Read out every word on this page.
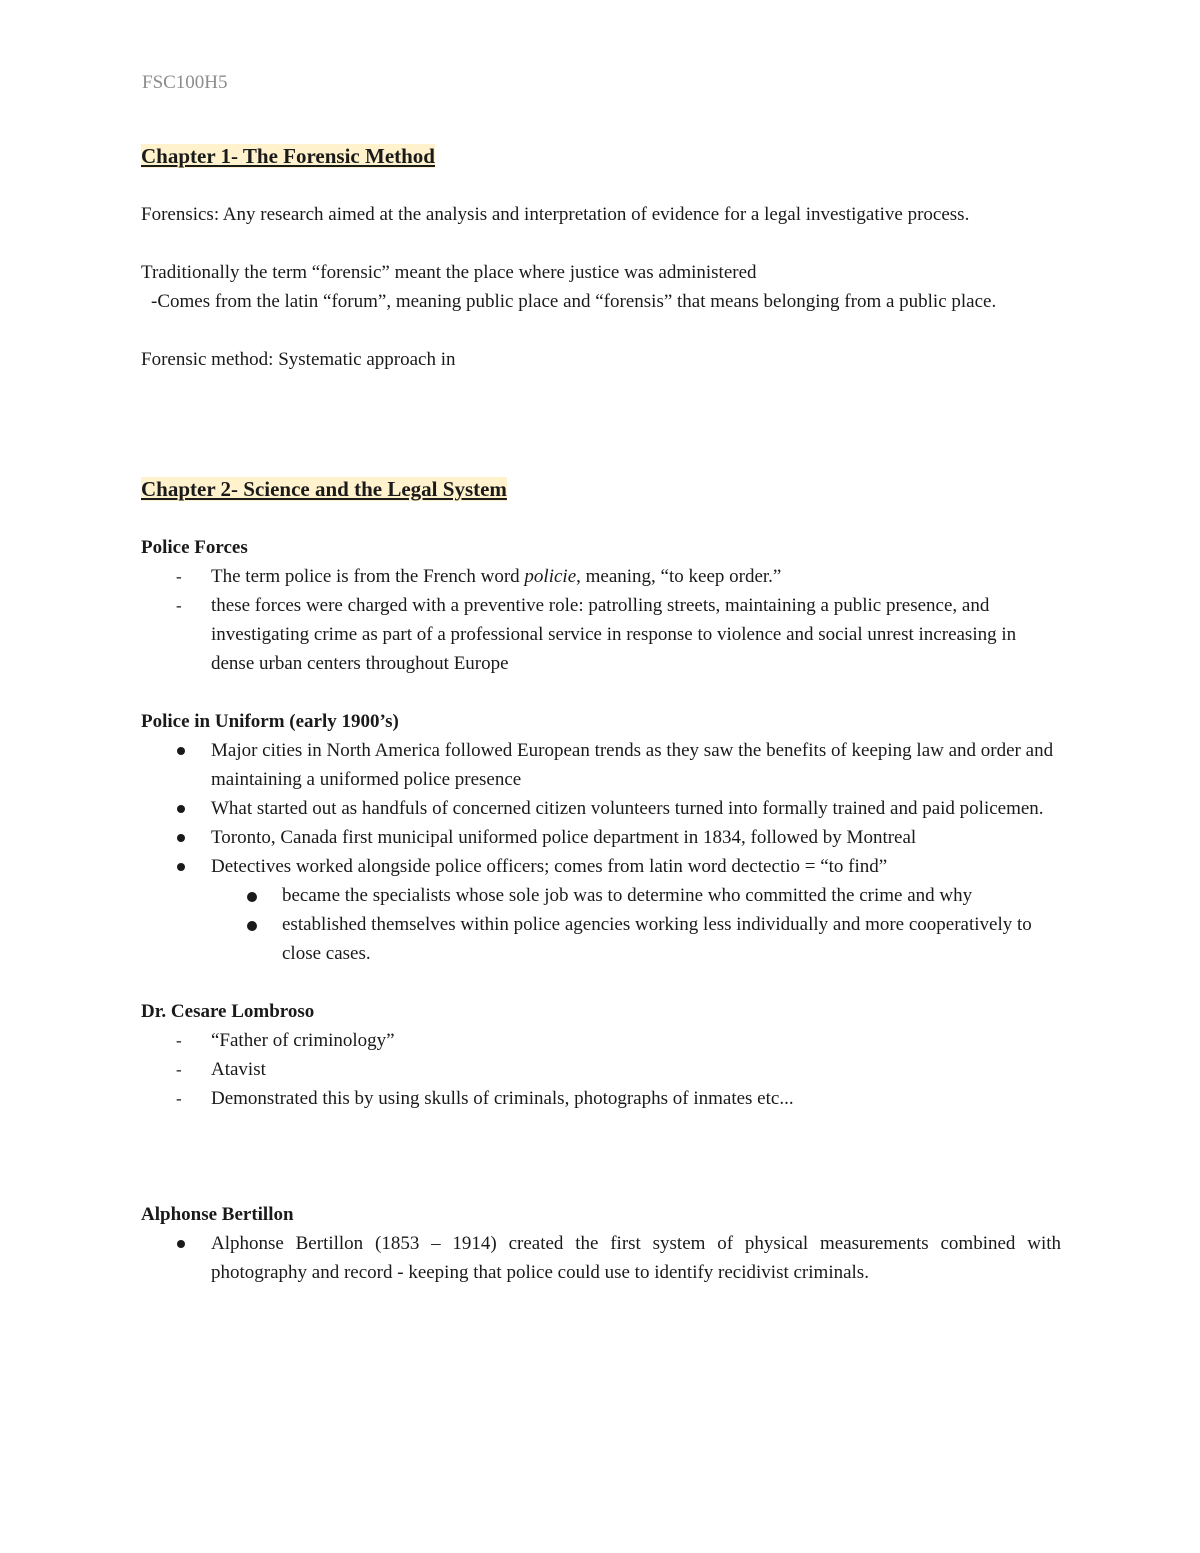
FSC100H5
Chapter 1- The Forensic Method

Forensics: Any research aimed at the analysis and interpretation of evidence for a legal investigative process.

Traditionally the term “forensic” meant the place where justice was administered

-Comes from the latin “forum”, meaning public place and “forensis” that means belonging from a public place.

Forensic method: Systematic approach in

Chapter 2- Science and the Legal System
Police Forces
-	The term police is from the French word policie, meaning, “to keep order.”
-	these forces were charged with a preventive role: patrolling streets, maintaining a public presence, and investigating crime as part of a professional service in response to violence and social unrest increasing in dense urban centers throughout Europe
Police in Uniform (early 1900’s)
Major cities in North America followed European trends as they saw the benefits of keeping law and order and maintaining a uniformed police presence
What started out as handfuls of concerned citizen volunteers turned into formally trained and paid policemen.
Toronto, Canada first municipal uniformed police department in 1834, followed by Montreal
Detectives worked alongside police officers; comes from latin word dectectio = “to find”
became the specialists whose sole job was to determine who committed the crime and why
established themselves within police agencies working less individually and more cooperatively to close cases.
Dr. Cesare Lombroso
-	“Father of criminology”
-	Atavist
-	Demonstrated this by using skulls of criminals, photographs of inmates etc...
Alphonse Bertillon
Alphonse Bertillon (1853 – 1914) created the first system of physical measurements combined with photography and record - keeping that police could use to identify recidivist criminals.
